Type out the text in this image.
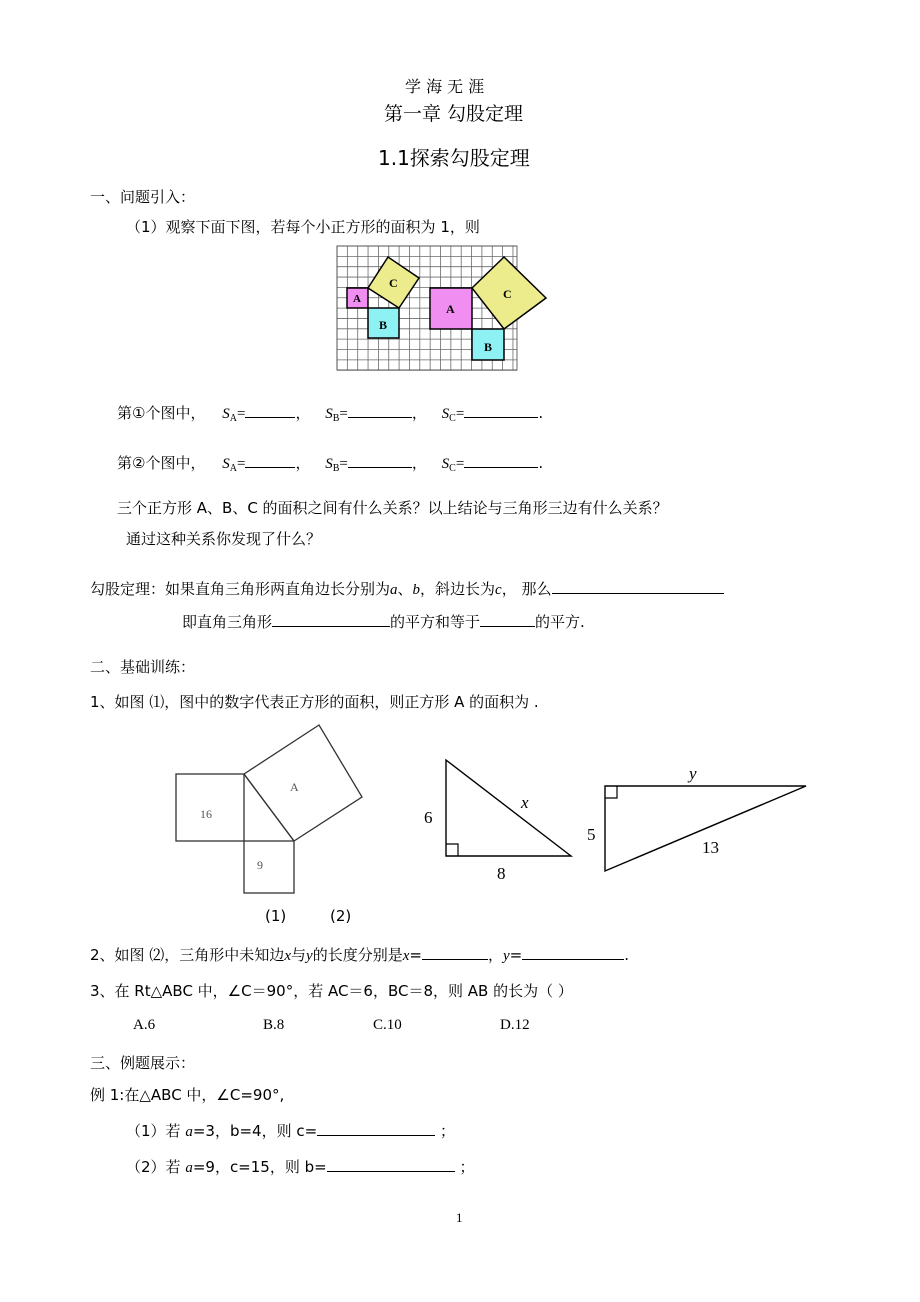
学 海 无 涯
第一章 勾股定理
1.1探索勾股定理
一、问题引入：
（1）观察下面下图，若每个小正方形的面积为 1，则
A
B
C
A
B
C
第①个图中， $S_A=$	， $S_B=$	， $S_C=$	.
第②个图中， $S_A=$	， $S_B=$	， $S_C=$	.
三个正方形 A、B、C 的面积之间有什么关系？以上结论与三角形三边有什么关系？
通过这种关系你发现了什么？
勾股定理：如果直角三角形两直角边长分别为a、b，斜边长为c， 那么
即直角三角形	的平方和等于	的平方.
二、基础训练：
1、如图 ⑴，图中的数字代表正方形的面积，则正方形 A 的面积为 .
16
9
A
6
8
x
y
5
13
(1)	(2)
2、如图 ⑵，三角形中未知边x与y的长度分别是x=	，y=	.
3、在 Rt△ABC 中，∠C＝90°，若 AC＝6，BC＝8，则 AB 的长为（ ）
A.6	B.8	C.10	D.12
三、例题展示：
例 1:在△ABC 中，∠C=90°,
（1）若 a=3，b=4，则 c=	；
（2）若 a=9，c=15，则 b=	；
1
